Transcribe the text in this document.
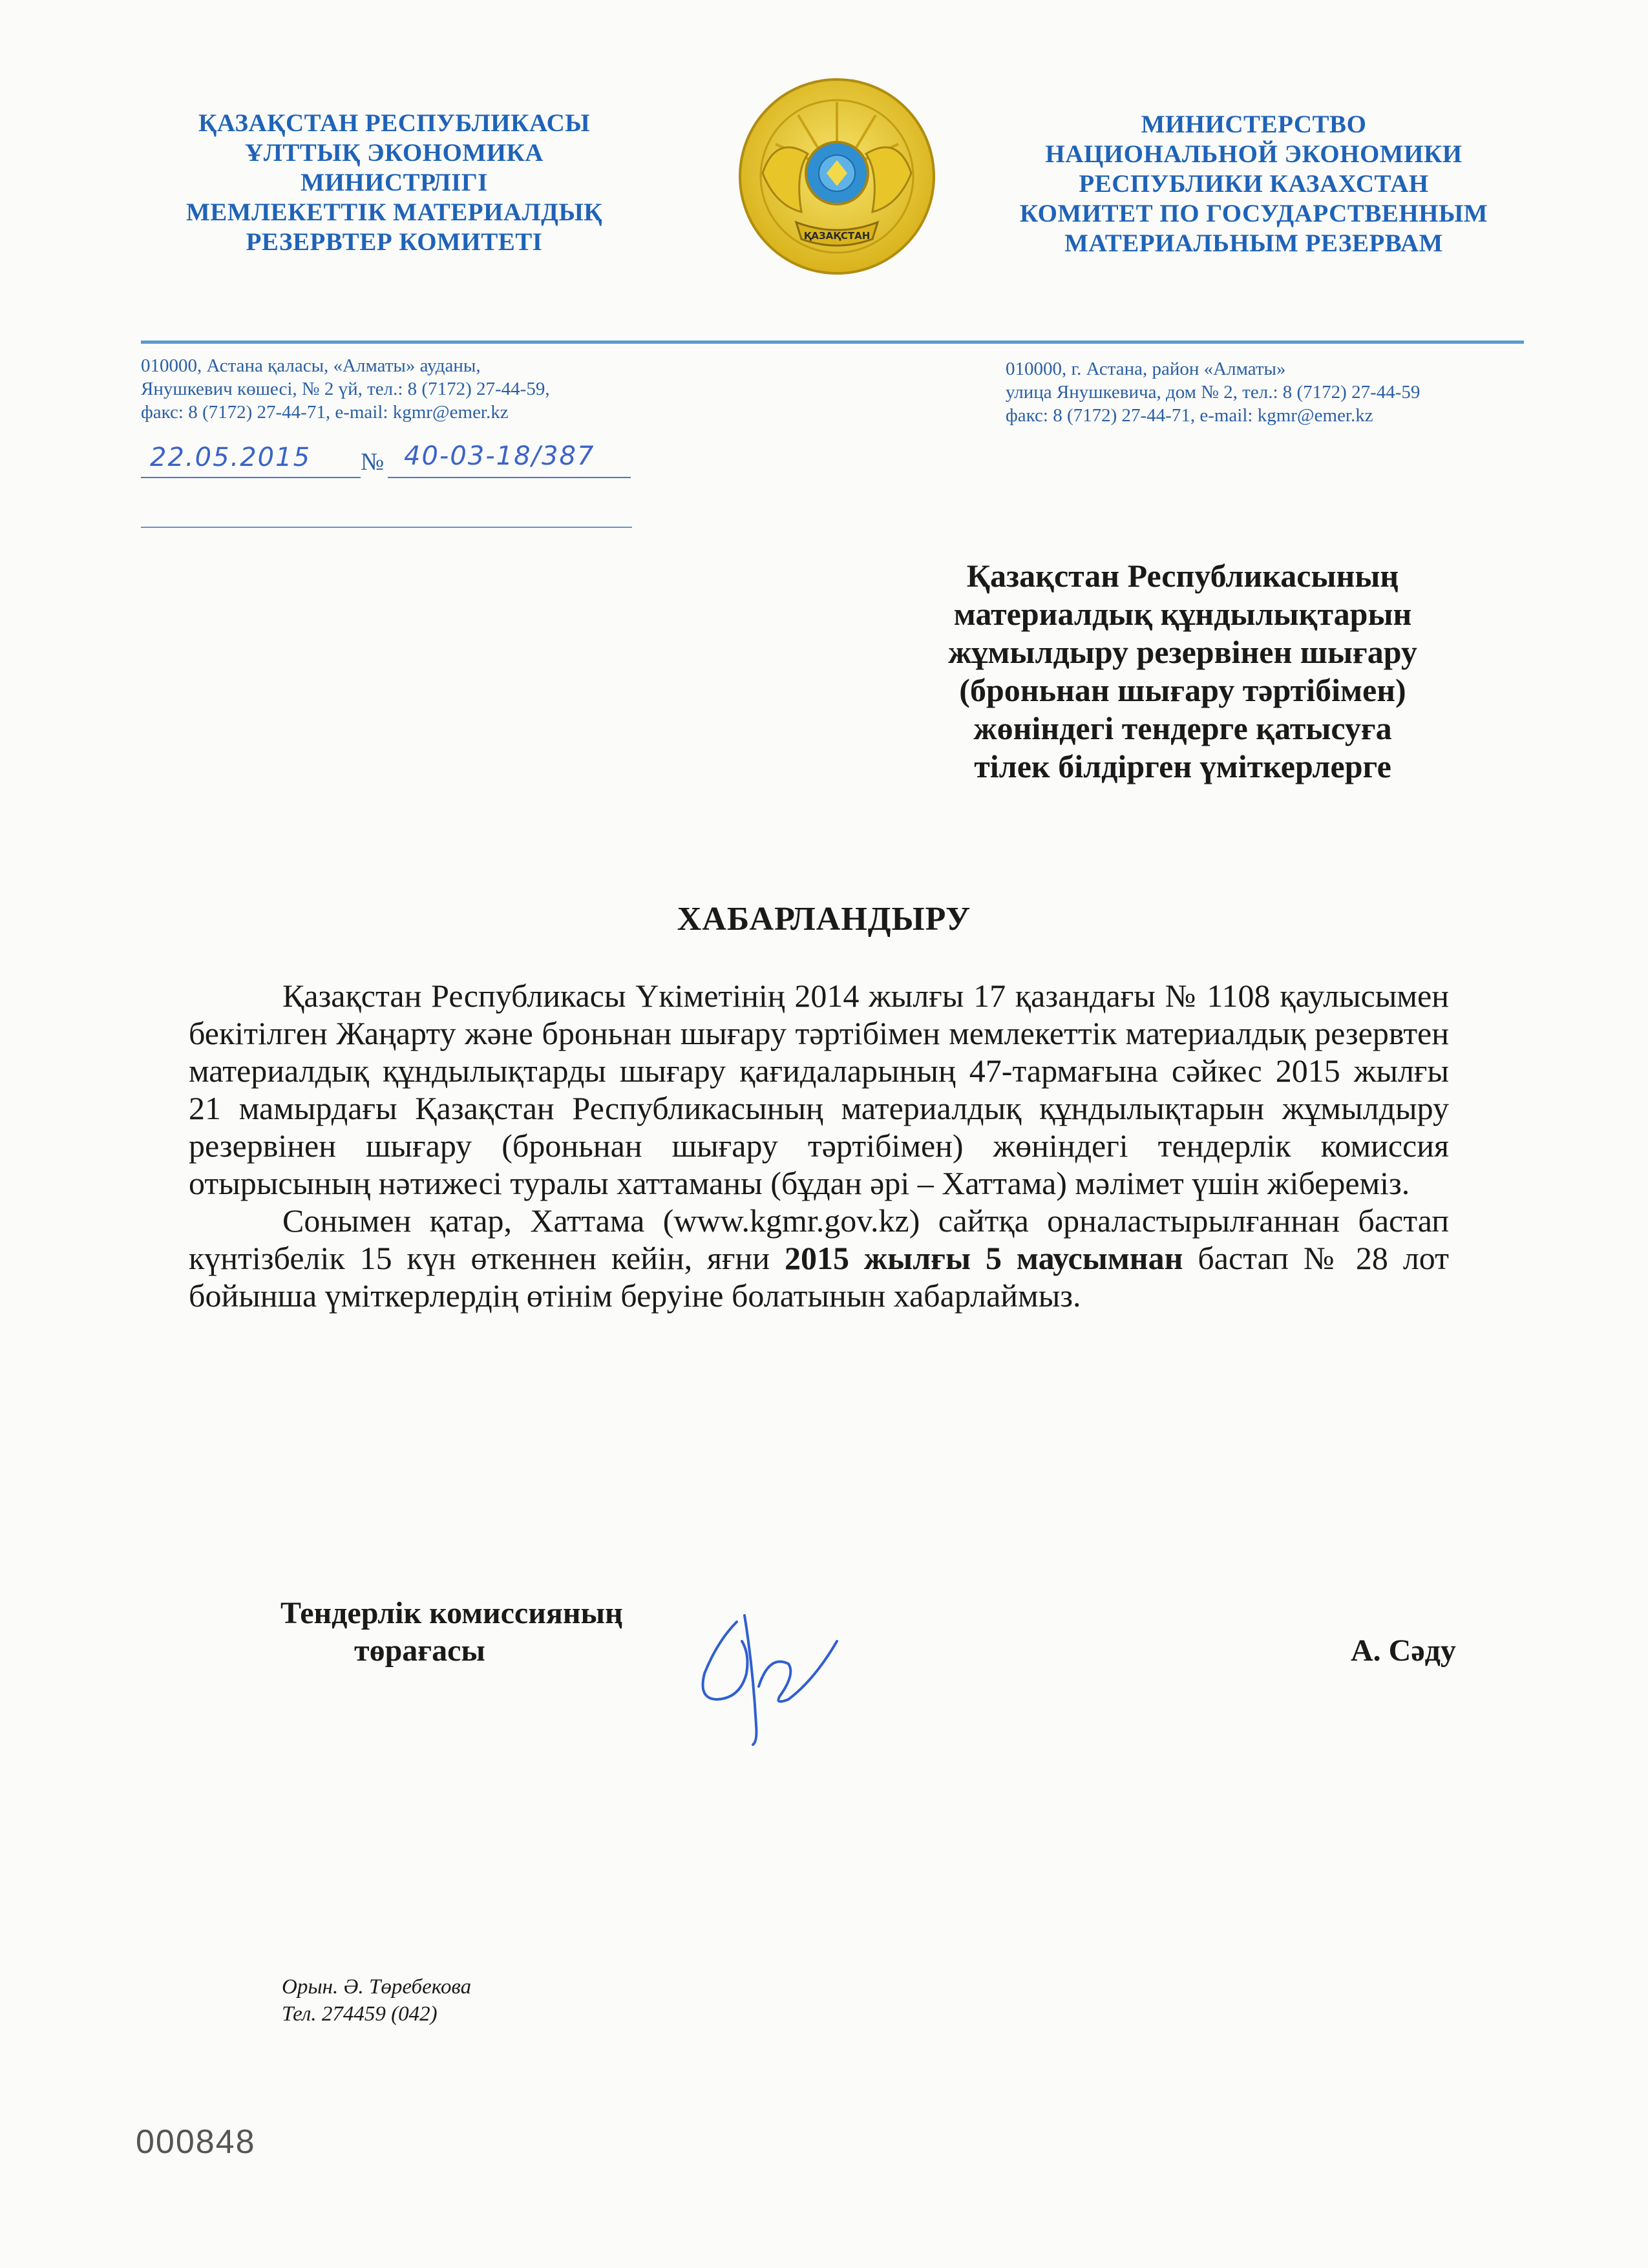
ҚАЗАҚСТАН РЕСПУБЛИКАСЫ
ҰЛТТЫҚ ЭКОНОМИКА
МИНИСТРЛІГІ
МЕМЛЕКЕТТІК МАТЕРИАЛДЫҚ
РЕЗЕРВТЕР КОМИТЕТІ	ҚАЗАҚСТАН
МИНИСТЕРСТВО
НАЦИОНАЛЬНОЙ ЭКОНОМИКИ
РЕСПУБЛИКИ КАЗАХСТАН
КОМИТЕТ ПО ГОСУДАРСТВЕННЫМ
МАТЕРИАЛЬНЫМ РЕЗЕРВАМ
010000, Астана қаласы, «Алматы» ауданы,
Янушкевич көшесі, № 2 үй, тел.: 8 (7172) 27-44-59,
факс: 8 (7172) 27-44-71, e-mail: kgmr@emer.kz
010000, г. Астана, район «Алматы»
улица Янушкевича, дом № 2, тел.: 8 (7172) 27-44-59
факс: 8 (7172) 27-44-71, e-mail: kgmr@emer.kz
22.05.2015 № 40-03-18/387
Қазақстан Республикасының
материалдық құндылықтарын
жұмылдыру резервінен шығару
(броньнан шығару тәртібімен)
жөніндегі тендерге қатысуға
тілек білдірген үміткерлерге
ХАБАРЛАНДЫРУ

Қазақстан Республикасы Үкіметінің 2014 жылғы 17 қазандағы № 1108 қаулысымен бекітілген Жаңарту және броньнан шығару тәртібімен мемлекеттік материалдық резервтен материалдық құндылықтарды шығару қағидаларының 47-тармағына сәйкес 2015 жылғы 21 мамырдағы Қазақстан Республикасының материалдық құндылықтарын жұмылдыру резервінен шығару (броньнан шығару тәртібімен) жөніндегі тендерлік комиссия отырысының нәтижесі туралы хаттаманы (бұдан әрі – Хаттама) мәлімет үшін жібереміз.

Сонымен қатар, Хаттама (www.kgmr.gov.kz) сайтқа орналастырылғаннан бастап күнтізбелік 15 күн өткеннен кейін, яғни 2015 жылғы 5 маусымнан бастап № 28 лот бойынша үміткерлердің өтінім беруіне болатынын хабарлаймыз.

Тендерлік комиссияның
төрағасы	А. Сәду
Орын. Ә. Төребекова
Тел. 274459 (042)
000848
